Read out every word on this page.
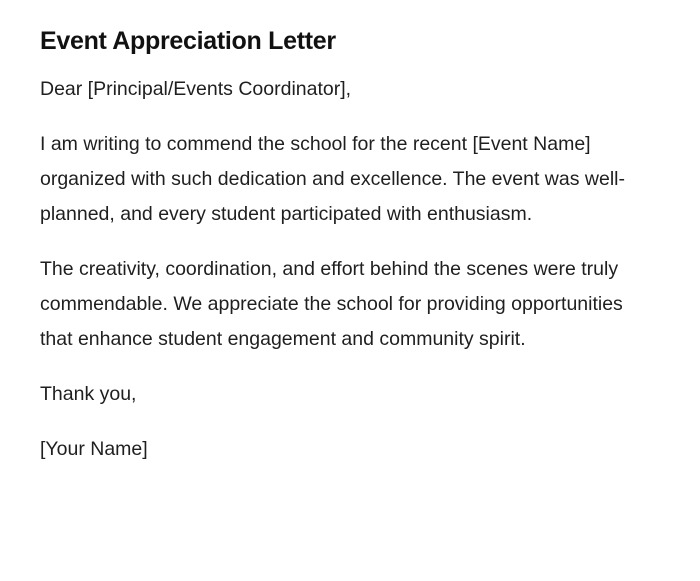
Event Appreciation Letter

Dear [Principal/Events Coordinator],

I am writing to commend the school for the recent [Event Name] organized with such dedication and excellence. The event was well-planned, and every student participated with enthusiasm.

The creativity, coordination, and effort behind the scenes were truly commendable. We appreciate the school for providing opportunities that enhance student engagement and community spirit.

Thank you,

[Your Name]
